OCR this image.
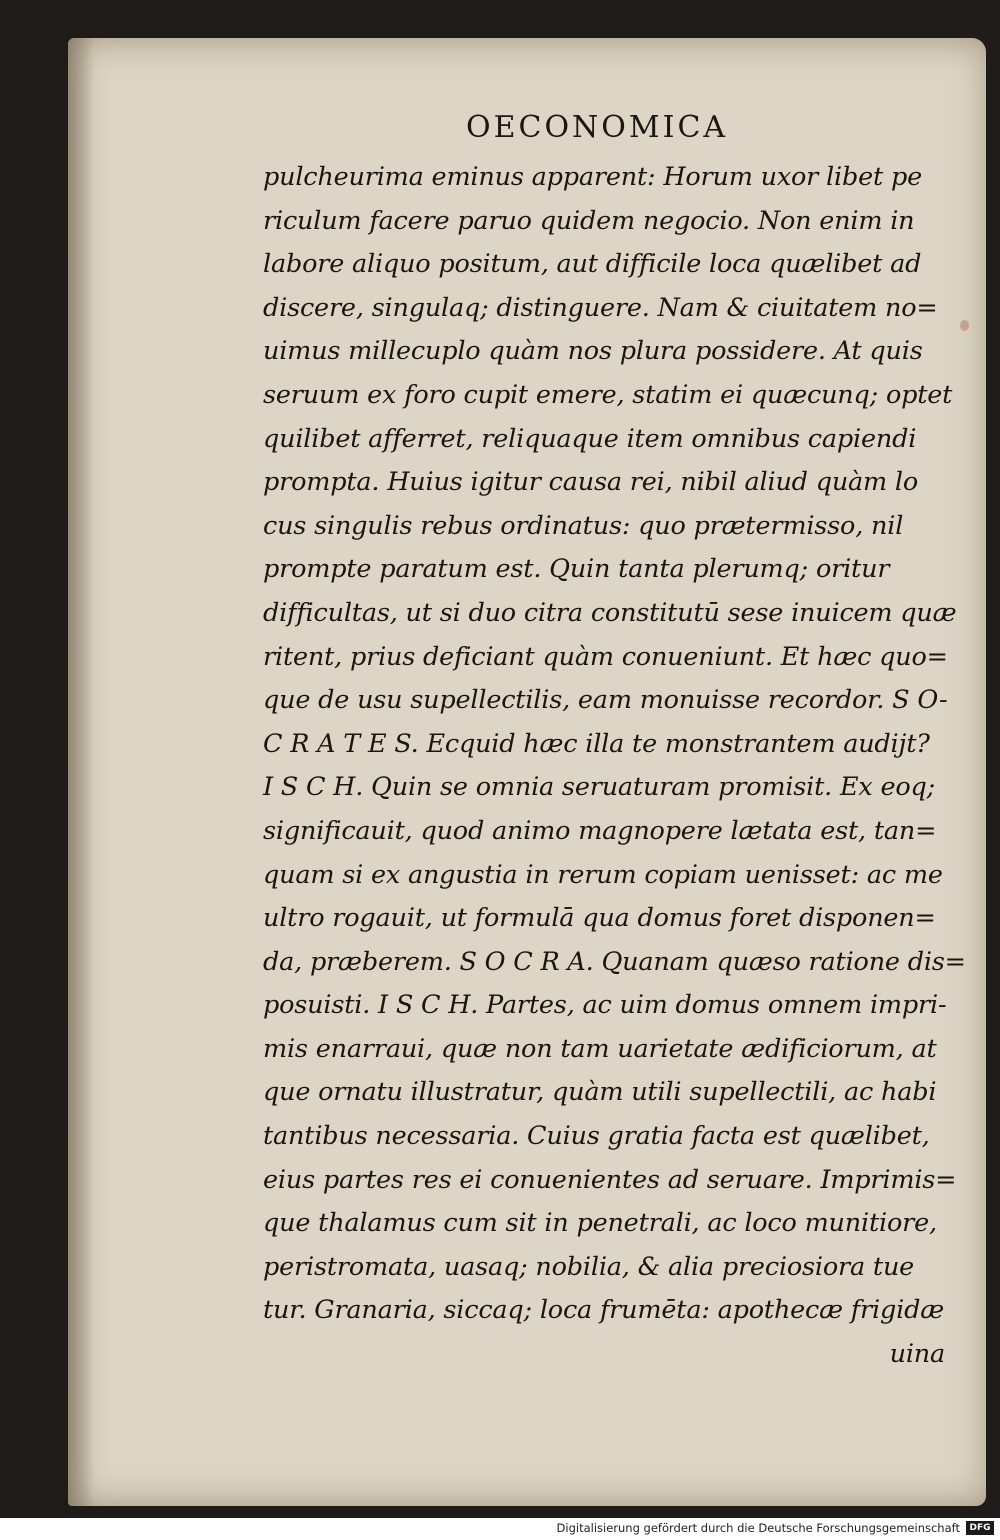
OECONOMICA
pulcheurima eminus apparent: Horum uxor libet pe
riculum facere paruo quidem negocio. Non enim in
labore aliquo positum, aut difficile loca quælibet ad
discere, singulaq; distinguere. Nam & ciuitatem no=
uimus millecuplo quàm nos plura possidere. At quis
seruum ex foro cupit emere, statim ei quæcunq; optet
quilibet afferret, reliquaque item omnibus capiendi
prompta. Huius igitur causa rei, nibil aliud quàm lo
cus singulis rebus ordinatus: quo prætermisso, nil
prompte paratum est. Quin tanta plerumq; oritur
difficultas, ut si duo citra constitutū sese inuicem quæ
ritent, prius deficiant quàm conueniunt. Et hæc quo=
que de usu supellectilis, eam monuisse recordor. S O-
C R A T E S. Ecquid hæc illa te monstrantem audijt?
I S C H. Quin se omnia seruaturam promisit. Ex eoq;
significauit, quod animo magnopere lætata est, tan=
quam si ex angustia in rerum copiam uenisset: ac me
ultro rogauit, ut formulā qua domus foret disponen=
da, præberem. S O C R A. Quanam quæso ratione dis=
posuisti. I S C H. Partes, ac uim domus omnem impri-
mis enarraui, quæ non tam uarietate ædificiorum, at
que ornatu illustratur, quàm utili supellectili, ac habi
tantibus necessaria. Cuius gratia facta est quælibet,
eius partes res ei conuenientes ad seruare. Imprimis=
que thalamus cum sit in penetrali, ac loco munitiore,
peristromata, uasaq; nobilia, & alia preciosiora tue
tur. Granaria, siccaq; loca frumēta: apothecæ frigidæ
uina
Digitalisierung gefördert durch die Deutsche Forschungsgemeinschaft	DFG
